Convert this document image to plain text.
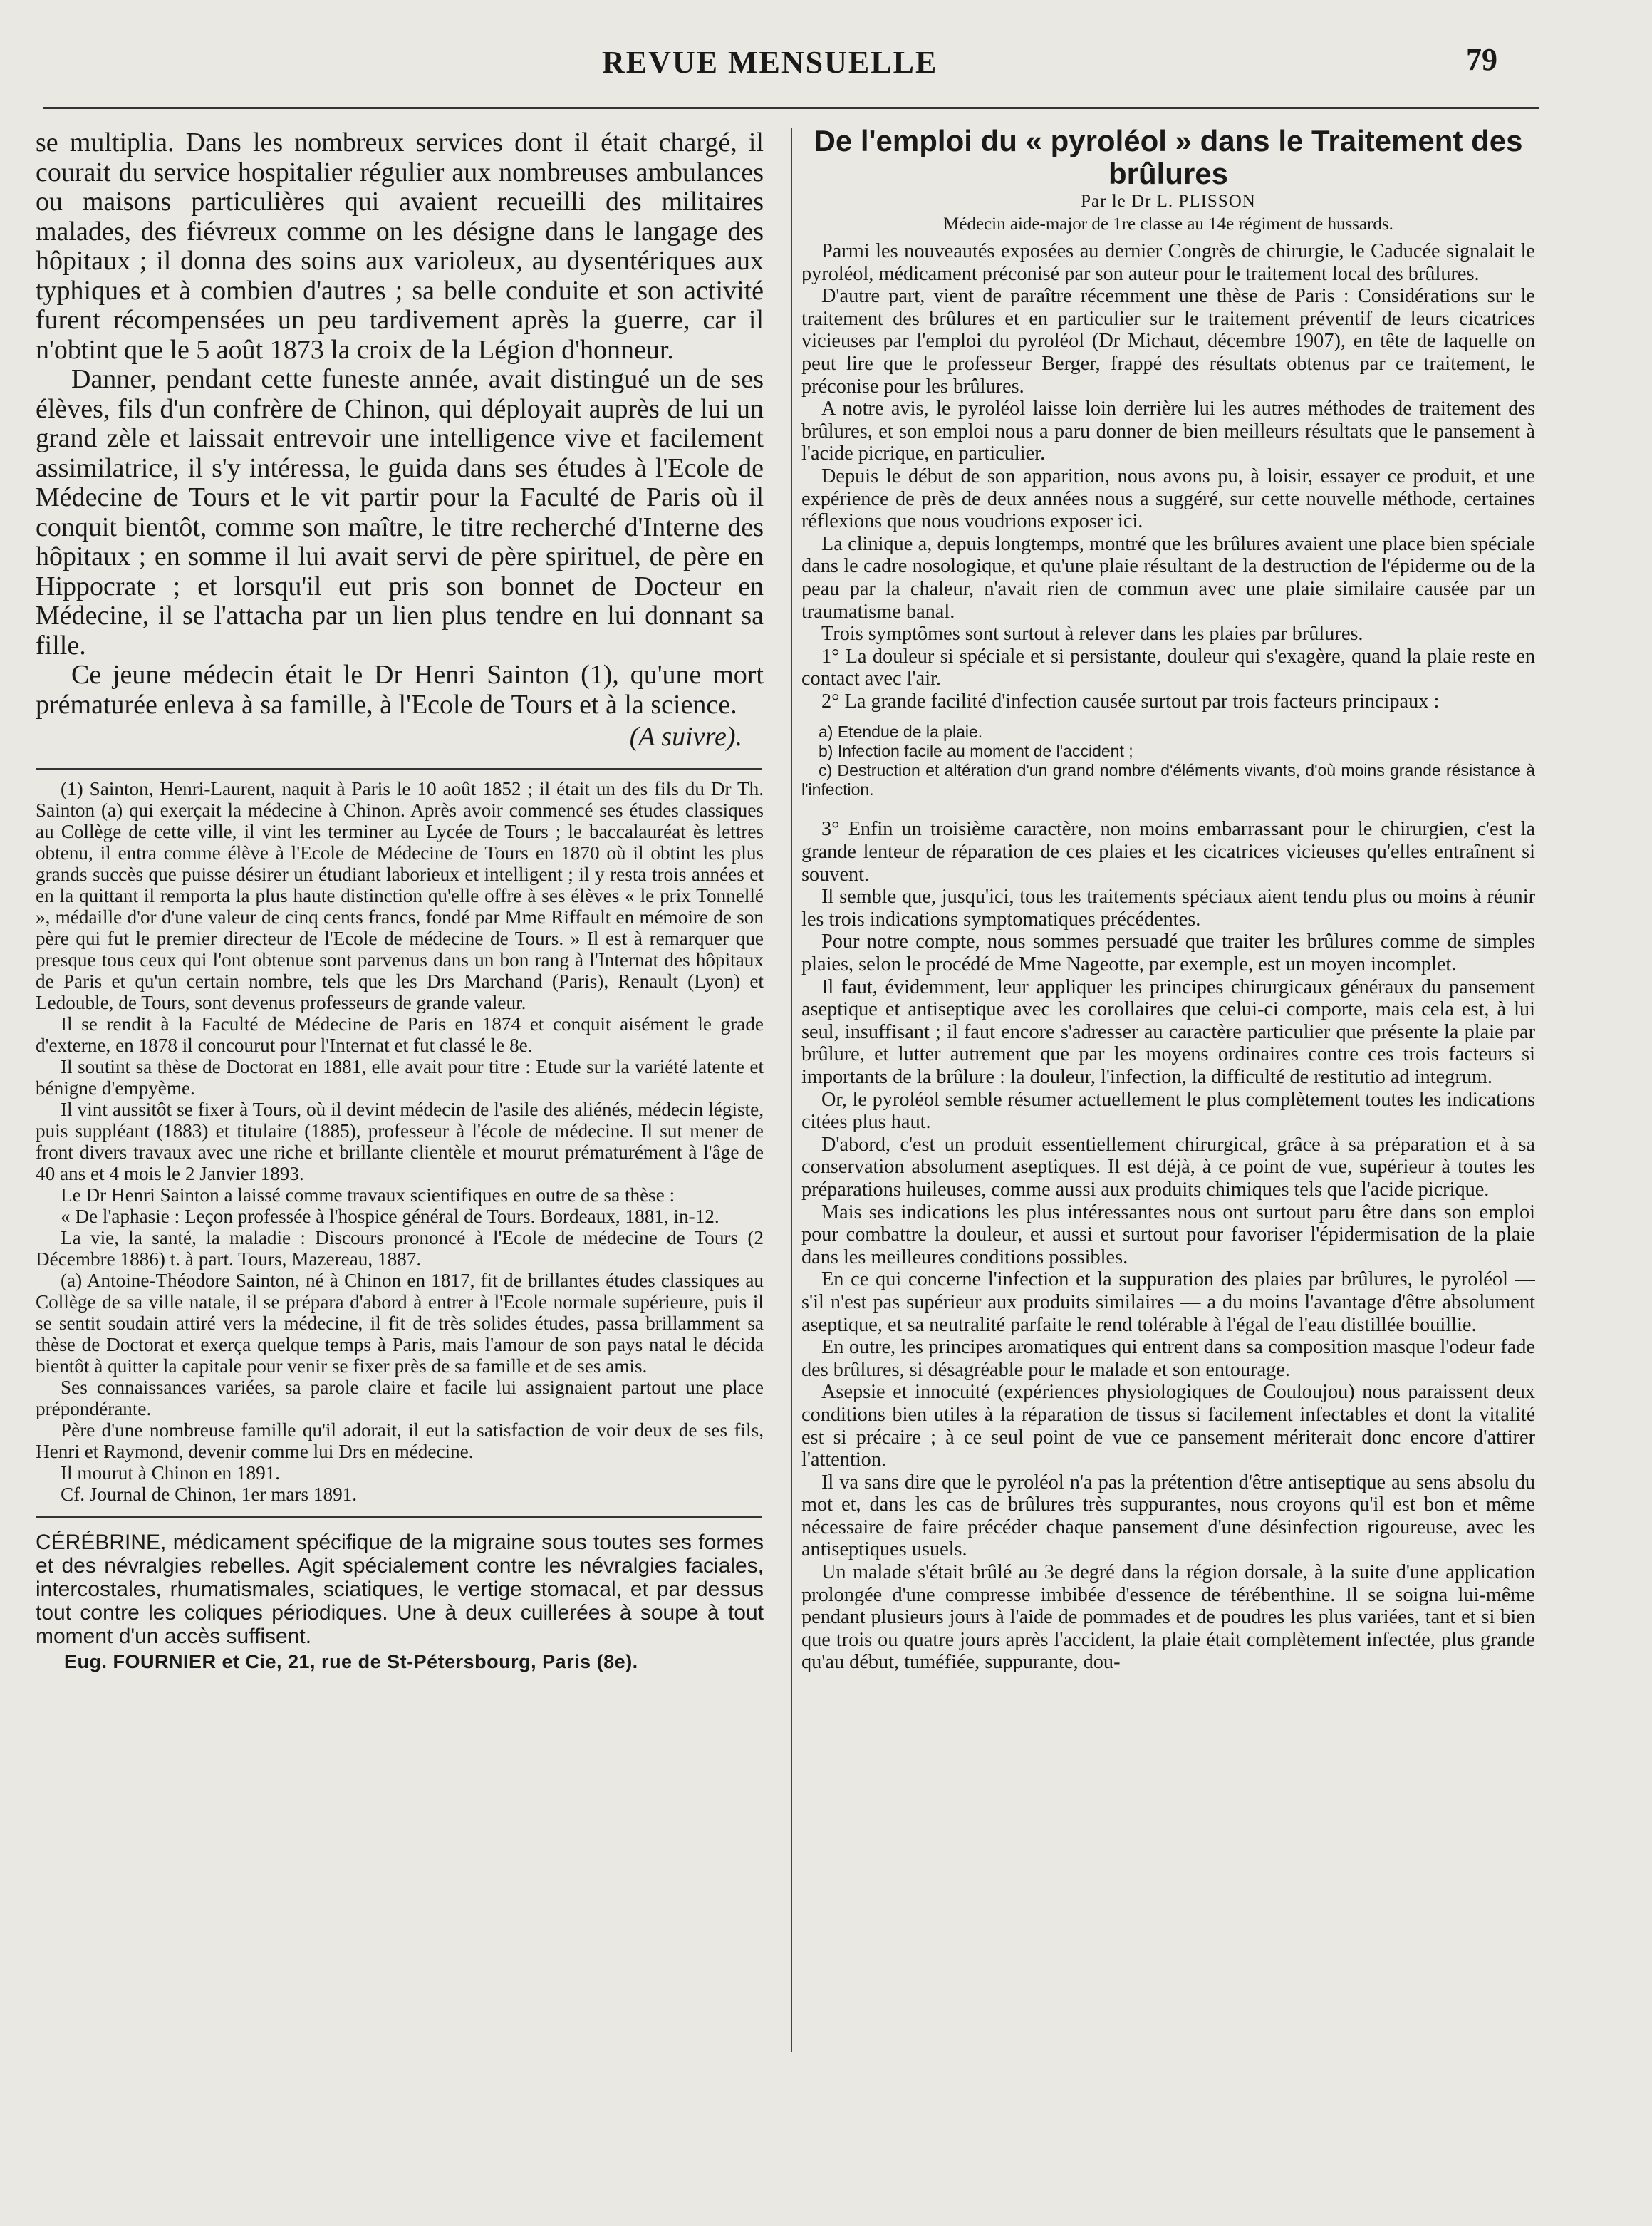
REVUE MENSUELLE	79

se multiplia. Dans les nombreux services dont il était chargé, il courait du service hospitalier régulier aux nombreuses ambulances ou maisons particulières qui avaient recueilli des militaires malades, des fiévreux comme on les désigne dans le langage des hôpitaux ; il donna des soins aux varioleux, au dysentériques aux typhiques et à combien d'autres ; sa belle conduite et son activité furent récompensées un peu tardivement après la guerre, car il n'obtint que le 5 août 1873 la croix de la Légion d'honneur.

Danner, pendant cette funeste année, avait distingué un de ses élèves, fils d'un confrère de Chinon, qui déployait auprès de lui un grand zèle et laissait entrevoir une intelligence vive et facilement assimilatrice, il s'y intéressa, le guida dans ses études à l'Ecole de Médecine de Tours et le vit partir pour la Faculté de Paris où il conquit bientôt, comme son maître, le titre recherché d'Interne des hôpitaux ; en somme il lui avait servi de père spirituel, de père en Hippocrate ; et lorsqu'il eut pris son bonnet de Docteur en Médecine, il se l'attacha par un lien plus tendre en lui donnant sa fille.

Ce jeune médecin était le Dr Henri Sainton (1), qu'une mort prématurée enleva à sa famille, à l'Ecole de Tours et à la science.

(A suivre).

(1) Sainton, Henri-Laurent, naquit à Paris le 10 août 1852 ; il était un des fils du Dr Th. Sainton (a) qui exerçait la médecine à Chinon. Après avoir commencé ses études classiques au Collège de cette ville, il vint les terminer au Lycée de Tours ; le baccalauréat ès lettres obtenu, il entra comme élève à l'Ecole de Médecine de Tours en 1870 où il obtint les plus grands succès que puisse désirer un étudiant laborieux et intelligent ; il y resta trois années et en la quittant il remporta la plus haute distinction qu'elle offre à ses élèves « le prix Tonnellé », médaille d'or d'une valeur de cinq cents francs, fondé par Mme Riffault en mémoire de son père qui fut le premier directeur de l'Ecole de médecine de Tours. » Il est à remarquer que presque tous ceux qui l'ont obtenue sont parvenus dans un bon rang à l'Internat des hôpitaux de Paris et qu'un certain nombre, tels que les Drs Marchand (Paris), Renault (Lyon) et Ledouble, de Tours, sont devenus professeurs de grande valeur.

Il se rendit à la Faculté de Médecine de Paris en 1874 et conquit aisément le grade d'externe, en 1878 il concourut pour l'Internat et fut classé le 8e.

Il soutint sa thèse de Doctorat en 1881, elle avait pour titre : Etude sur la variété latente et bénigne d'empyème.

Il vint aussitôt se fixer à Tours, où il devint médecin de l'asile des aliénés, médecin légiste, puis suppléant (1883) et titulaire (1885), professeur à l'école de médecine. Il sut mener de front divers travaux avec une riche et brillante clientèle et mourut prématurément à l'âge de 40 ans et 4 mois le 2 Janvier 1893.

Le Dr Henri Sainton a laissé comme travaux scientifiques en outre de sa thèse :

« De l'aphasie : Leçon professée à l'hospice général de Tours. Bordeaux, 1881, in-12.

La vie, la santé, la maladie : Discours prononcé à l'Ecole de médecine de Tours (2 Décembre 1886) t. à part. Tours, Mazereau, 1887.

(a) Antoine-Théodore Sainton, né à Chinon en 1817, fit de brillantes études classiques au Collège de sa ville natale, il se prépara d'abord à entrer à l'Ecole normale supérieure, puis il se sentit soudain attiré vers la médecine, il fit de très solides études, passa brillamment sa thèse de Doctorat et exerça quelque temps à Paris, mais l'amour de son pays natal le décida bientôt à quitter la capitale pour venir se fixer près de sa famille et de ses amis.

Ses connaissances variées, sa parole claire et facile lui assignaient partout une place prépondérante.

Père d'une nombreuse famille qu'il adorait, il eut la satisfaction de voir deux de ses fils, Henri et Raymond, devenir comme lui Drs en médecine.

Il mourut à Chinon en 1891.

Cf. Journal de Chinon, 1er mars 1891.

CÉRÉBRINE, médicament spécifique de la migraine sous toutes ses formes et des névralgies rebelles. Agit spécialement contre les névralgies faciales, intercostales, rhumatismales, sciatiques, le vertige stomacal, et par dessus tout contre les coliques périodiques. Une à deux cuillerées à soupe à tout moment d'un accès suffisent.

Eug. FOURNIER et Cie, 21, rue de St-Pétersbourg, Paris (8e).

De l'emploi du « pyroléol » dans le Traitement des brûlures

Par le Dr L. PLISSON

Médecin aide-major de 1re classe au 14e régiment de hussards.

Parmi les nouveautés exposées au dernier Congrès de chirurgie, le Caducée signalait le pyroléol, médicament préconisé par son auteur pour le traitement local des brûlures.

D'autre part, vient de paraître récemment une thèse de Paris : Considérations sur le traitement des brûlures et en particulier sur le traitement préventif de leurs cicatrices vicieuses par l'emploi du pyroléol (Dr Michaut, décembre 1907), en tête de laquelle on peut lire que le professeur Berger, frappé des résultats obtenus par ce traitement, le préconise pour les brûlures.

A notre avis, le pyroléol laisse loin derrière lui les autres méthodes de traitement des brûlures, et son emploi nous a paru donner de bien meilleurs résultats que le pansement à l'acide picrique, en particulier.

Depuis le début de son apparition, nous avons pu, à loisir, essayer ce produit, et une expérience de près de deux années nous a suggéré, sur cette nouvelle méthode, certaines réflexions que nous voudrions exposer ici.

La clinique a, depuis longtemps, montré que les brûlures avaient une place bien spéciale dans le cadre nosologique, et qu'une plaie résultant de la destruction de l'épiderme ou de la peau par la chaleur, n'avait rien de commun avec une plaie similaire causée par un traumatisme banal.

Trois symptômes sont surtout à relever dans les plaies par brûlures.

1° La douleur si spéciale et si persistante, douleur qui s'exagère, quand la plaie reste en contact avec l'air.

2° La grande facilité d'infection causée surtout par trois facteurs principaux :

a) Etendue de la plaie.
b) Infection facile au moment de l'accident ;
c) Destruction et altération d'un grand nombre d'éléments vivants, d'où moins grande résistance à l'infection.

3° Enfin un troisième caractère, non moins embarrassant pour le chirurgien, c'est la grande lenteur de réparation de ces plaies et les cicatrices vicieuses qu'elles entraînent si souvent.

Il semble que, jusqu'ici, tous les traitements spéciaux aient tendu plus ou moins à réunir les trois indications symptomatiques précédentes.

Pour notre compte, nous sommes persuadé que traiter les brûlures comme de simples plaies, selon le procédé de Mme Nageotte, par exemple, est un moyen incomplet.

Il faut, évidemment, leur appliquer les principes chirurgicaux généraux du pansement aseptique et antiseptique avec les corollaires que celui-ci comporte, mais cela est, à lui seul, insuffisant ; il faut encore s'adresser au caractère particulier que présente la plaie par brûlure, et lutter autrement que par les moyens ordinaires contre ces trois facteurs si importants de la brûlure : la douleur, l'infection, la difficulté de restitutio ad integrum.

Or, le pyroléol semble résumer actuellement le plus complètement toutes les indications citées plus haut.

D'abord, c'est un produit essentiellement chirurgical, grâce à sa préparation et à sa conservation absolument aseptiques. Il est déjà, à ce point de vue, supérieur à toutes les préparations huileuses, comme aussi aux produits chimiques tels que l'acide picrique.

Mais ses indications les plus intéressantes nous ont surtout paru être dans son emploi pour combattre la douleur, et aussi et surtout pour favoriser l'épidermisation de la plaie dans les meilleures conditions possibles.

En ce qui concerne l'infection et la suppuration des plaies par brûlures, le pyroléol — s'il n'est pas supérieur aux produits similaires — a du moins l'avantage d'être absolument aseptique, et sa neutralité parfaite le rend tolérable à l'égal de l'eau distillée bouillie.

En outre, les principes aromatiques qui entrent dans sa composition masque l'odeur fade des brûlures, si désagréable pour le malade et son entourage.

Asepsie et innocuité (expériences physiologiques de Couloujou) nous paraissent deux conditions bien utiles à la réparation de tissus si facilement infectables et dont la vitalité est si précaire ; à ce seul point de vue ce pansement mériterait donc encore d'attirer l'attention.

Il va sans dire que le pyroléol n'a pas la prétention d'être antiseptique au sens absolu du mot et, dans les cas de brûlures très suppurantes, nous croyons qu'il est bon et même nécessaire de faire précéder chaque pansement d'une désinfection rigoureuse, avec les antiseptiques usuels.

Un malade s'était brûlé au 3e degré dans la région dorsale, à la suite d'une application prolongée d'une compresse imbibée d'essence de térébenthine. Il se soigna lui-même pendant plusieurs jours à l'aide de pommades et de poudres les plus variées, tant et si bien que trois ou quatre jours après l'accident, la plaie était complètement infectée, plus grande qu'au début, tuméfiée, suppurante, dou-
